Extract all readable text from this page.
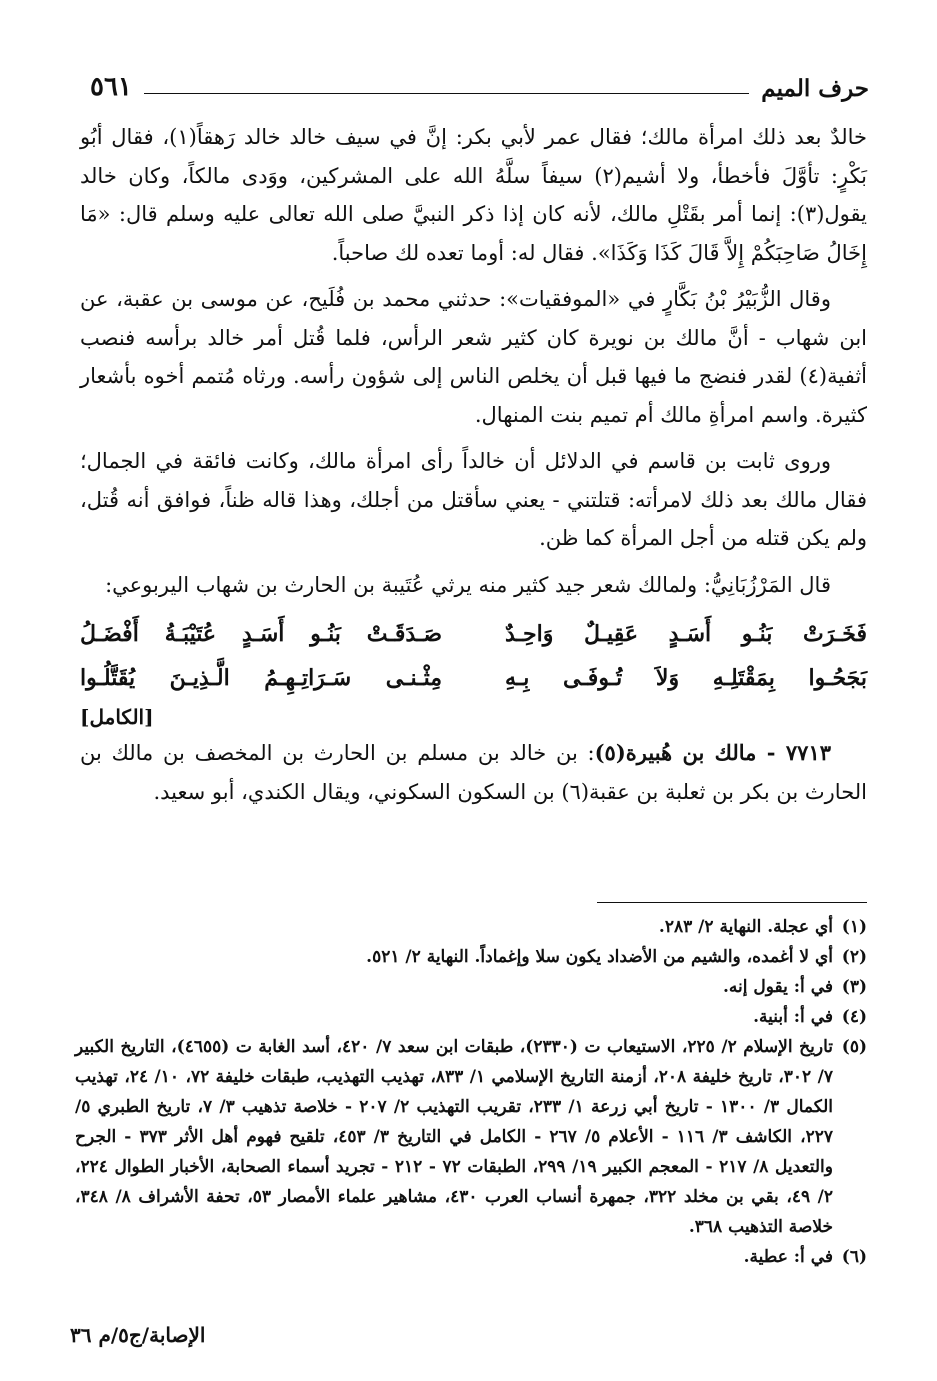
حرف الميم
٥٦١

خالدٌ بعد ذلك امرأة مالك؛ فقال عمر لأبي بكر: إنَّ في سيف خالد خالد رَهقاً(١)، فقال أبُو بَكْرٍ: تأوَّلَ فأخطأ، ولا أشيم(٢) سيفاً سلَّهُ الله على المشركين، ووَدى مالكاً، وكان خالد يقول(٣): إنما أمر بقَتْلِ مالك، لأنه كان إذا ذكر النبيَّ صلى الله تعالى عليه وسلم قال: «مَا إِخَالُ صَاحِبَكُمْ إِلاَّ قَالَ كَذَا وَكَذَا». فقال له: أوما تعده لك صاحباً.

وقال الزُّبَيْرُ بْنُ بَكَّارٍ في «الموفقيات»: حدثني محمد بن فُلَيح، عن موسى بن عقبة، عن ابن شهاب - أنَّ مالك بن نويرة كان كثير شعر الرأس، فلما قُتل أمر خالد برأسه فنصب أثفية(٤) لقدر فنضج ما فيها قبل أن يخلص الناس إلى شؤون رأسه. ورثاه مُتمم أخوه بأشعار كثيرة. واسم امرأةِ مالك أم تميم بنت المنهال.

وروى ثابت بن قاسم في الدلائل أن خالداً رأى امرأة مالك، وكانت فائقة في الجمال؛ فقال مالك بعد ذلك لامرأته: قتلتني - يعني سأقتل من أجلك، وهذا قاله ظناً، فوافق أنه قُتل، ولم يكن قتله من أجل المرأة كما ظن.

قال المَرْزُبَانِيُّ: ولمالك شعر جيد كثير منه يرثي عُتَيبة بن الحارث بن شهاب اليربوعي:

فَخَـرَتْ بَنُـو أَسَـدٍ عَقِيـلٌ وَاحِـدٌ
صَـدَقَـتْ بَنُـو أَسَـدٍ عُتَيْبَـةُ أَفْضَـلُ
بَجَحُـوا بِمَقْتَلِـهِ وَلاَ تُـوفَـى بِـهِ
مِثْـنـى سَـرَاتِـهِـمُ الَّـذِيـنَ يُقَتَّلُـوا
[الكامل]

٧٧١٣ - مالك بن هُبيرة(٥): بن خالد بن مسلم بن الحارث بن المخصف بن مالك بن الحارث بن بكر بن ثعلبة بن عقبة(٦) بن السكون السكوني، ويقال الكندي، أبو سعيد.

(١)
أي عجلة. النهاية ٢/ ٢٨٣.
(٢)
أي لا أغمده، والشيم من الأضداد يكون سلا وإغماداً. النهاية ٢/ ٥٢١.
(٣)
في أ: يقول إنه.
(٤)
في أ: أبنية.
(٥)
تاريخ الإسلام ٢/ ٢٢٥، الاستيعاب ت (٢٣٣٠)، طبقات ابن سعد ٧/ ٤٢٠، أسد الغابة ت (٤٦٥٥)، التاريخ الكبير ٧/ ٣٠٢، تاريخ خليفة ٢٠٨، أزمنة التاريخ الإسلامي ١/ ٨٣٣، تهذيب التهذيب، طبقات خليفة ٧٢، ١٠/ ٢٤، تهذيب الكمال ٣/ ١٣٠٠ - تاريخ أبي زرعة ١/ ٢٣٣، تقريب التهذيب ٢/ ٢٠٧ - خلاصة تذهيب ٣/ ٧، تاريخ الطبري ٥/ ٢٢٧، الكاشف ٣/ ١١٦ - الأعلام ٥/ ٢٦٧ - الكامل في التاريخ ٣/ ٤٥٣، تلقيح فهوم أهل الأثر ٣٧٣ - الجرح والتعديل ٨/ ٢١٧ - المعجم الكبير ١٩/ ٢٩٩، الطبقات ٧٢ - ٢١٢ - تجريد أسماء الصحابة، الأخبار الطوال ٢٢٤، ٢/ ٤٩، بقي بن مخلد ٣٢٢، جمهرة أنساب العرب ٤٣٠، مشاهير علماء الأمصار ٥٣، تحفة الأشراف ٨/ ٣٤٨، خلاصة التذهيب ٣٦٨.
(٦)
في أ: عطية.
الإصابة/ج٥/م ٣٦
